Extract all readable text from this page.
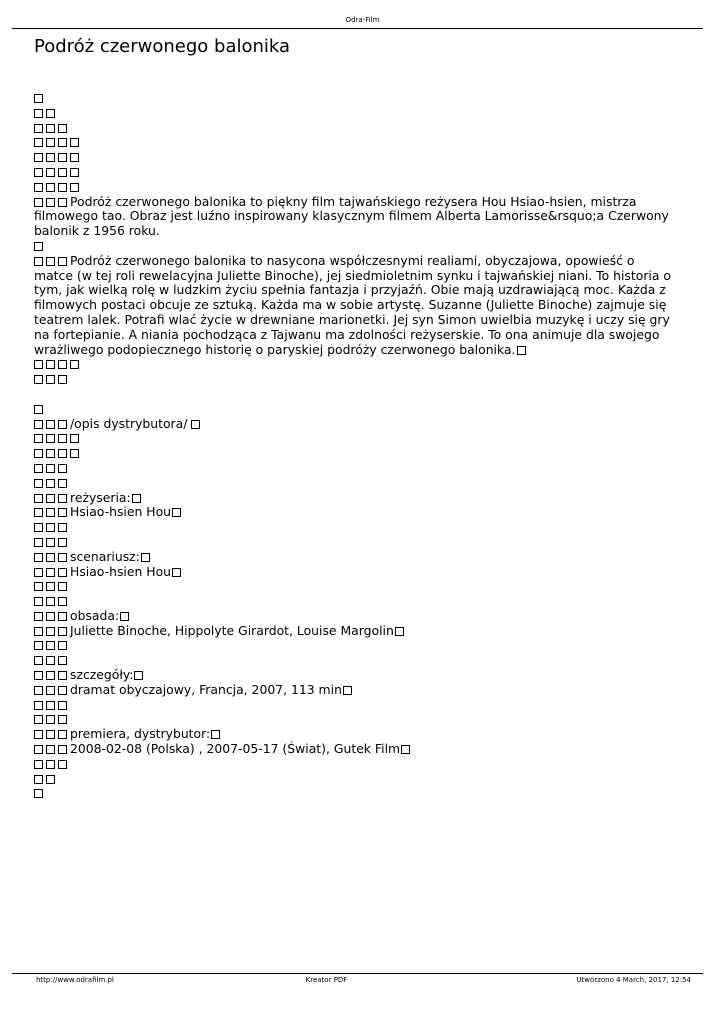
Odra-Film
Podróż czerwonego balonika
Podróż czerwonego balonika to piękny film tajwańskiego reżysera Hou Hsiao-hsien, mistrza filmowego tao. Obraz jest luźno inspirowany klasycznym filmem Alberta Lamorisse&rsquo;a Czerwony balonik z 1956 roku.
Podróż czerwonego balonika to nasycona współczesnymi realiami, obyczajowa, opowieść o matce (w tej roli rewelacyjna Juliette Binoche), jej siedmioletnim synku i tajwańskiej niani. To historia o tym, jak wielką rolę w ludzkim życiu spełnia fantazja i przyjaźń. Obie mają uzdrawiającą moc. Każda z filmowych postaci obcuje ze sztuką. Każda ma w sobie artystę. Suzanne (Juliette Binoche) zajmuje się teatrem lalek. Potrafi wlać życie w drewniane marionetki. Jej syn Simon uwielbia muzykę i uczy się gry na fortepianie. A niania pochodząca z Tajwanu ma zdolności reżyserskie. To ona animuje dla swojego wrażliwego podopiecznego historię o paryskiej podróży czerwonego balonika.
/opis dystrybutora/
reżyseria:
Hsiao-hsien Hou
scenariusz:
Hsiao-hsien Hou
obsada:
Juliette Binoche, Hippolyte Girardot, Louise Margolin
szczegóły:
dramat obyczajowy, Francja, 2007, 113 min
premiera, dystrybutor:
2008-02-08 (Polska) , 2007-05-17 (Świat), Gutek Film
http://www.odrafilm.pl	Kreator PDF	Utworzono 4 March, 2017, 12:54
